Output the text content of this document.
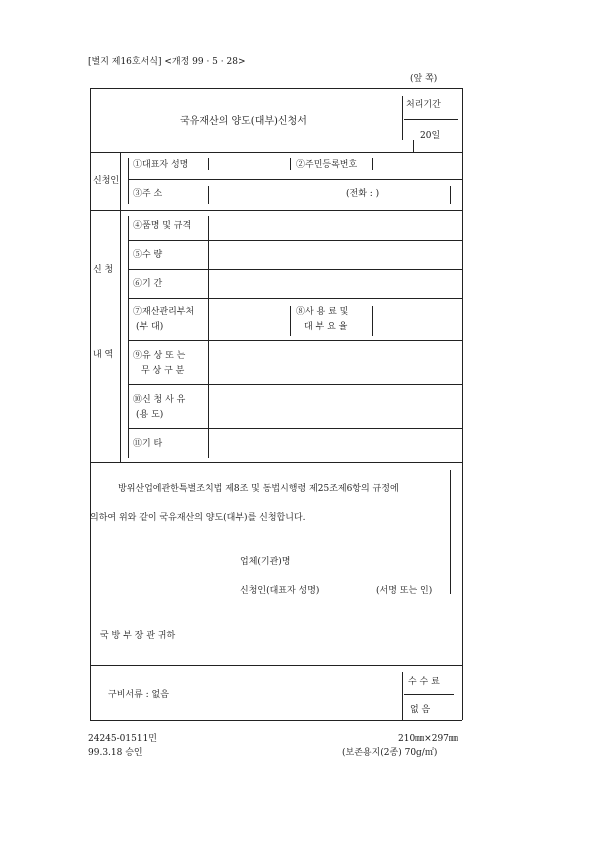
[별지 제16호서식] <개정 99 · 5 · 28>
(앞 쪽)
국유재산의 양도(대부)신청서
처리기간
20일
신청인
①대표자 성명	②주민등록번호
③주 소	(전화 : )
신 청
내 역
④품명 및 규격
⑤수 량
⑥기 간
⑦재산관리부처
(부 대)
⑧사 용 료 및
대 부 요 율
⑨유 상 또 는
무 상 구 분
⑩신 청 사 유
(용 도)
⑪기 타
방위산업에관한특별조치법 제8조 및 동법시행령 제25조제6항의 규정에
의하여 위와 같이 국유재산의 양도(대부)를 신청합니다.
업체(기관)명
신청인(대표자 성명)	(서명 또는 인)
국 방 부 장 관 귀하
구비서류 : 없음
수 수 료
없 음
24245-01511민
99.3.18 승인
210㎜×297㎜
(보존용지(2종) 70g/㎡)
